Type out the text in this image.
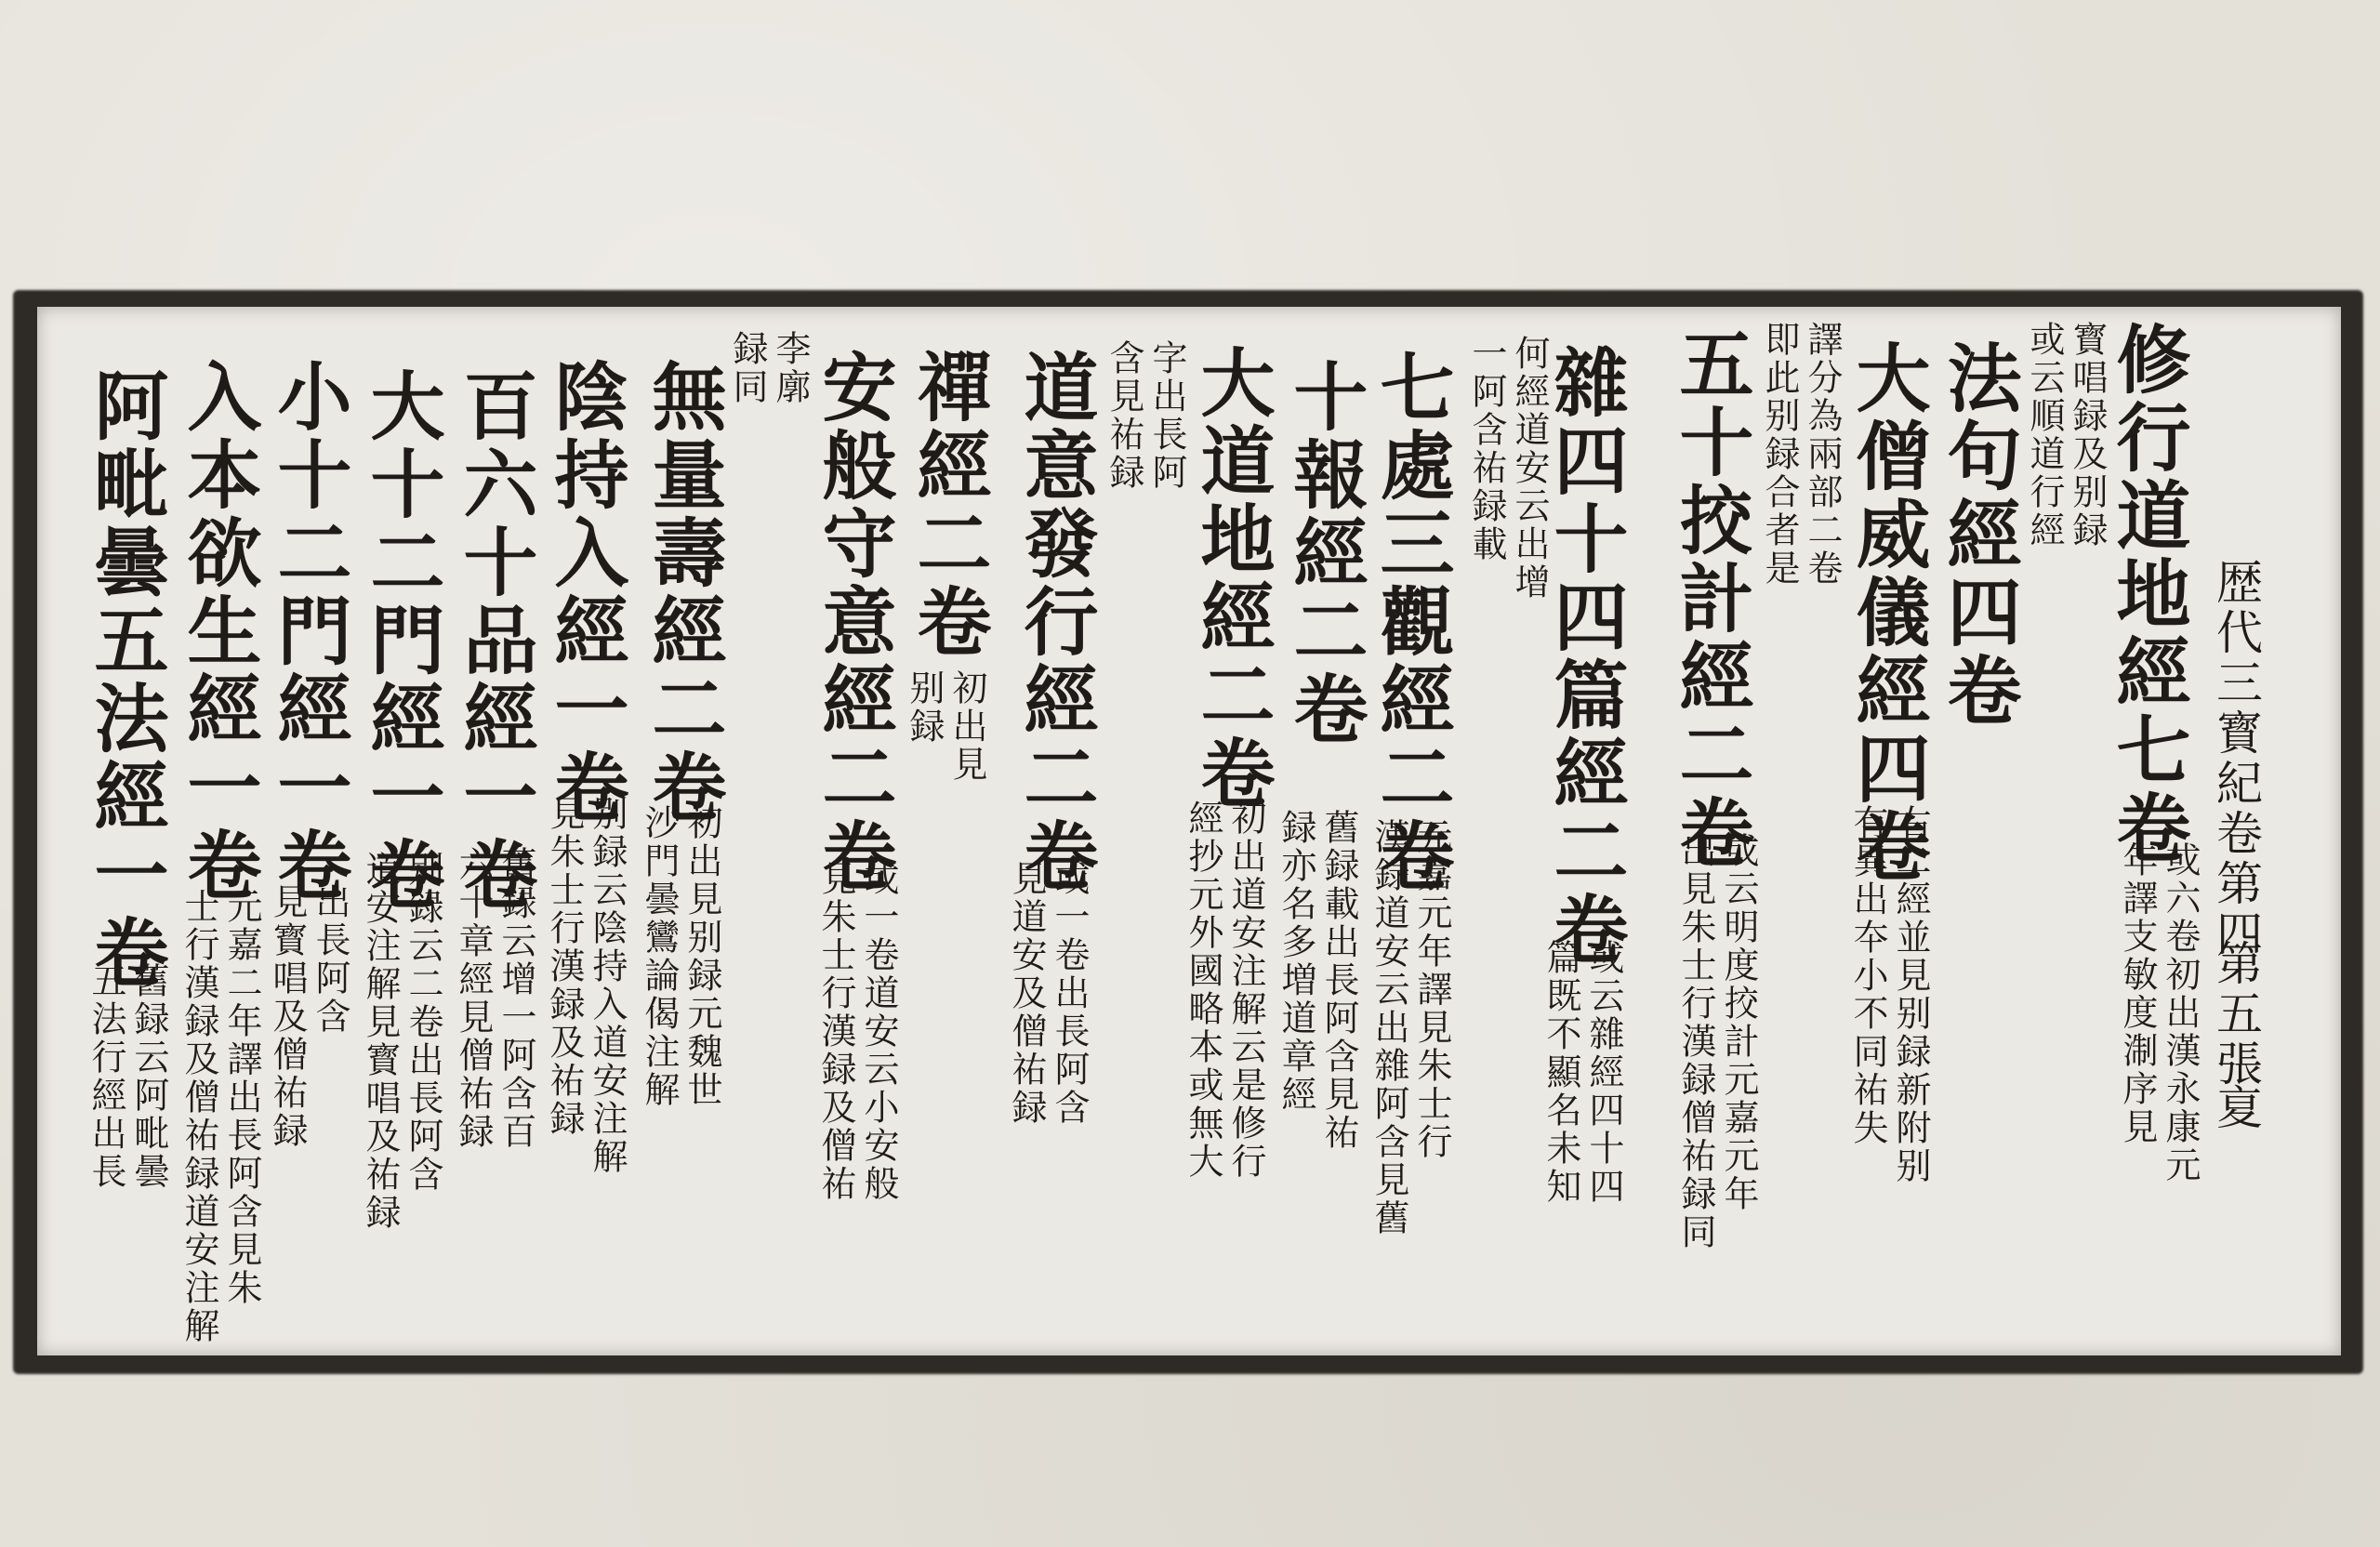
歴代三寳紀卷第四
第五張
㚆
修行道地經七卷
或六卷初出漢永康元
年譯支敏度淛序見
寳唱録及别録
或云順道行經
法句經四卷
大僧威儀經四卷
右二經並見别録新附别
有異出夲小不同祐失
譯分為兩部二卷
即此别録合者是
五十挍計經二卷
或云明度挍計元嘉元年
出見朱士行漢録僧祐録同
雜四十四篇經二卷
或云雜經四十四
篇既不顯名未知
何經道安云出增
一阿含祐録載
七處三觀經二卷
元嘉元年譯見朱士行
漢録道安云出雜阿含見舊
十報經二卷
舊録載出長阿含見祐
録亦名多増道章經
大道地經二卷
初出道安注解云是修行
經抄元外國略本或無大
字出長阿
含見祐録
道意發行經二卷
或一卷出長阿含
見道安及僧祐録
禪經二卷
初出見
别録
安般守意經二卷
或一卷道安云小安般
見朱士行漢録及僧祐
李廓
録同
無量壽經二卷
初出見别録元魏世
沙門曇鸞論偈注解
陰持入經一卷
别録云陰持入道安注解
見朱士行漢録及祐録
百六十品經一卷
舊録云增一阿含百
六十章經見僧祐録
大十二門經一卷
别録云二卷出長阿含
道安注解見寳唱及祐録
小十二門經一卷
出長阿含
見寳唱及僧祐録
入本欲生經一卷
元嘉二年譯出長阿含見朱
士行漢録及僧祐録道安注解
阿毗曇五法經一卷
舊録云阿毗曇
五法行經出長
